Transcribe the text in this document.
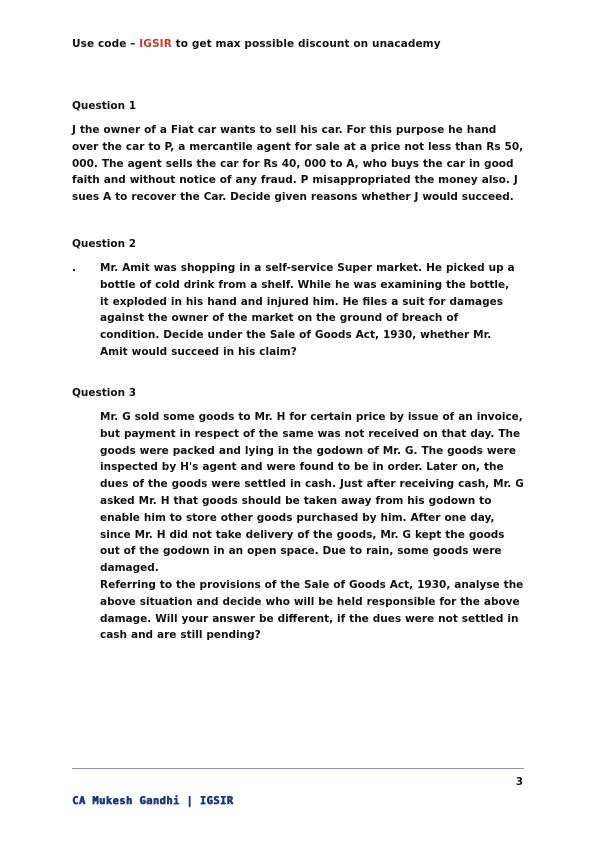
Use code – IGSIR to get max possible discount on unacademy

Question 1

J the owner of a Fiat car wants to sell his car. For this purpose he hand over the car to P, a mercantile agent for sale at a price not less than Rs 50, 000. The agent sells the car for Rs 40, 000 to A, who buys the car in good faith and without notice of any fraud. P misappropriated the money also. J sues A to recover the Car. Decide given reasons whether J would succeed.

Question 2

.	Mr. Amit was shopping in a self-service Super market. He picked up a bottle of cold drink from a shelf. While he was examining the bottle, it exploded in his hand and injured him. He files a suit for damages against the owner of the market on the ground of breach of condition. Decide under the Sale of Goods Act, 1930, whether Mr. Amit would succeed in his claim?

Question 3

Mr. G sold some goods to Mr. H for certain price by issue of an invoice, but payment in respect of the same was not received on that day. The goods were packed and lying in the godown of Mr. G. The goods were inspected by H's agent and were found to be in order. Later on, the dues of the goods were settled in cash. Just after receiving cash, Mr. G asked Mr. H that goods should be taken away from his godown to enable him to store other goods purchased by him. After one day, since Mr. H did not take delivery of the goods, Mr. G kept the goods out of the godown in an open space. Due to rain, some goods were damaged.

Referring to the provisions of the Sale of Goods Act, 1930, analyse the above situation and decide who will be held responsible for the above damage. Will your answer be different, if the dues were not settled in cash and are still pending?

3
CA Mukesh Gandhi | IGSIR
